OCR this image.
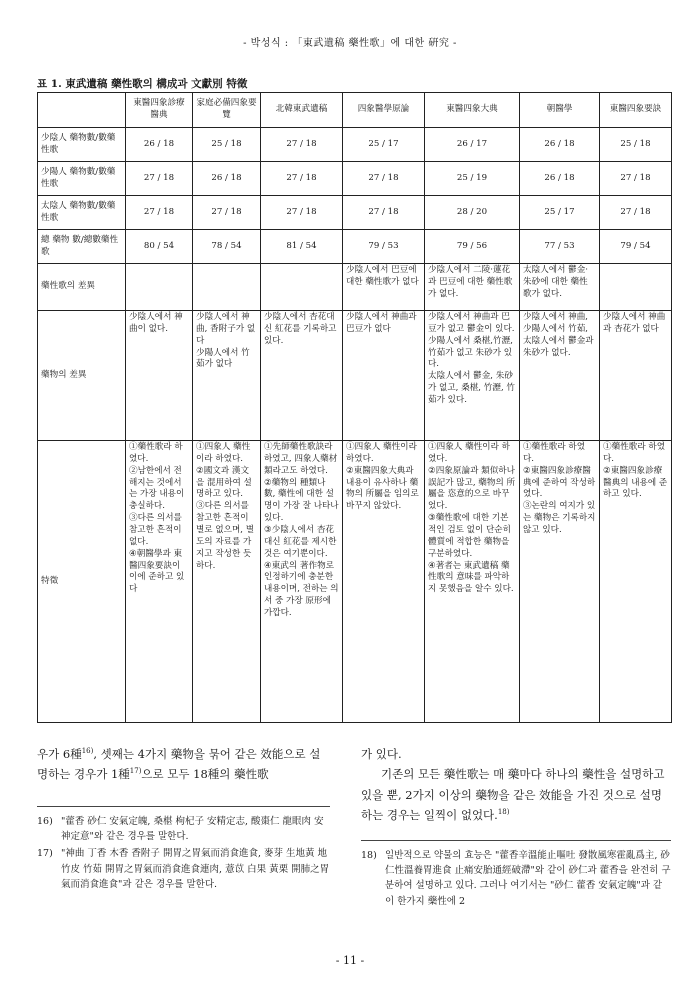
- 박성식 : 「東武遺稿 藥性歌」에 대한 硏究 -
표 1. 東武遺稿 藥性歌의 構成과 文獻別 特徵
	東醫四象診療醫典	家庭必備四象要覽	北韓東武遺稿	四象醫學原論	東醫四象大典	朝醫學	東醫四象要訣
少陰人 藥物數/數藥性歌	26 / 18	25 / 18	27 / 18	25 / 17	26 / 17	26 / 18	25 / 18
少陽人 藥物數/數藥性歌	27 / 18	26 / 18	27 / 18	27 / 18	25 / 19	26 / 18	27 / 18
太陰人 藥物數/數藥性歌	27 / 18	27 / 18	27 / 18	27 / 18	28 / 20	25 / 17	27 / 18
總 藥物 數/總數藥性歌	80 / 54	78 / 54	81 / 54	79 / 53	79 / 56	77 / 53	79 / 54
藥性歌의 差異				少陰人에서 巴豆에 대한 藥性歌가 없다	少陰人에서 二陵·蓮花과 巴豆에 대한 藥性歌가 없다.	太陰人에서 鬱金·朱砂에 대한 藥性歌가 없다.	
藥物의 差異	少陰人에서 神曲이 없다.	少陰人에서 神曲, 香附子가 없다
少陽人에서 竹茹가 없다	少陰人에서 杏花대신 紅花를 기록하고 있다.	少陰人에서 神曲과 巴豆가 없다	少陰人에서 神曲과 巴豆가 없고 鬱金이 있다.
少陽人에서 桑椹,竹瀝,竹茹가 없고 朱砂가 있다.
太陰人에서 鬱金, 朱砂가 없고, 桑椹, 竹瀝, 竹茹가 있다.	少陰人에서 神曲, 少陽人에서 竹茹, 太陰人에서 鬱金과 朱砂가 없다.	少陰人에서 神曲과 杏花가 없다
特徵	①藥性歌라 하였다.
②남한에서 전해지는 것에서는 가장 내용이 충실하다.
③다른 의서를 참고한 흔적이 없다.
④朝醫學과 東醫四象要訣이 이에 준하고 있다	①四象人 藥性이라 하였다.
②國文과 漢文을 混用하여 설명하고 있다.
③다른 의서를 참고한 흔적이 별로 없으며, 별도의 자료를 가지고 작성한 듯하다.	①先師藥性歌訣라 하였고, 四象人藥材類라고도 하였다.
②藥物의 種類나 數, 藥性에 대한 설명이 가장 잘 나타나 있다.
③少陰人에서 杏花 대신 紅花를 제시한 것은 여기뿐이다.
④東武의 著作物로 인정하기에 충분한 내용이며, 전하는 의서 중 가장 原形에 가깝다.	①四象人 藥性이라 하였다.
②東醫四象大典과 내용이 유사하나 藥物의 所屬을 임의로 바꾸지 않았다.	①四象人 藥性이라 하였다.
②四象原論과 類似하나 誤記가 많고, 藥物의 所屬을 恣意的으로 바꾸었다.
③藥性歌에 대한 기본적인 검토 없이 단순히 體質에 적합한 藥物을 구분하였다.
④著者는 東武遺稿 藥性歌의 意味를 파악하지 못했음을 알수 있다.	①藥性歌라 하였다.
②東醫四象診療醫典에 준하여 작성하였다.
③논란의 여지가 있는 藥物은 기록하지 않고 있다.	①藥性歌라 하였다.
②東醫四象診療醫典의 내용에 준하고 있다.
우가 6種$^{16)}$, 셋째는 4가지 藥物을 묶어 같은 效能으로 설명하는 경우가 1種$^{17)}$으로 모두 18種의 藥性歌

가 있다.

기존의 모든 藥性歌는 매 藥마다 하나의 藥性을 설명하고 있을 뿐, 2가지 이상의 藥物을 같은 效能을 가진 것으로 설명하는 경우는 일찍이 없었다.$^{18)}$

16) "藿香 砂仁 安氣定魄, 桑椹 枸杞子 安精定志, 酸棗仁 龍眼肉 安神定意"와 같은 경우를 말한다.
17) "神曲 丁香 木香 香附子 開胃之胃氣而消食進食, 麥芽 生地黃 地竹皮 竹茹 開胃之胃氣而消食進食連肉, 薏苡 白果 黃栗 開肺之胃氣而消食進食"과 같은 경우를 말한다.
18) 일반적으로 약물의 효능은 "藿香辛溫能止嘔吐 發散風寒霍亂爲主, 砂仁性溫養胃進食 止痛安胎通經破滯"와 같이 砂仁과 藿香을 완전히 구분하여 설명하고 있다. 그러나 여기서는 "砂仁 藿香 安氣定魄"과 같이 한가지 藥性에 2
- 11 -
